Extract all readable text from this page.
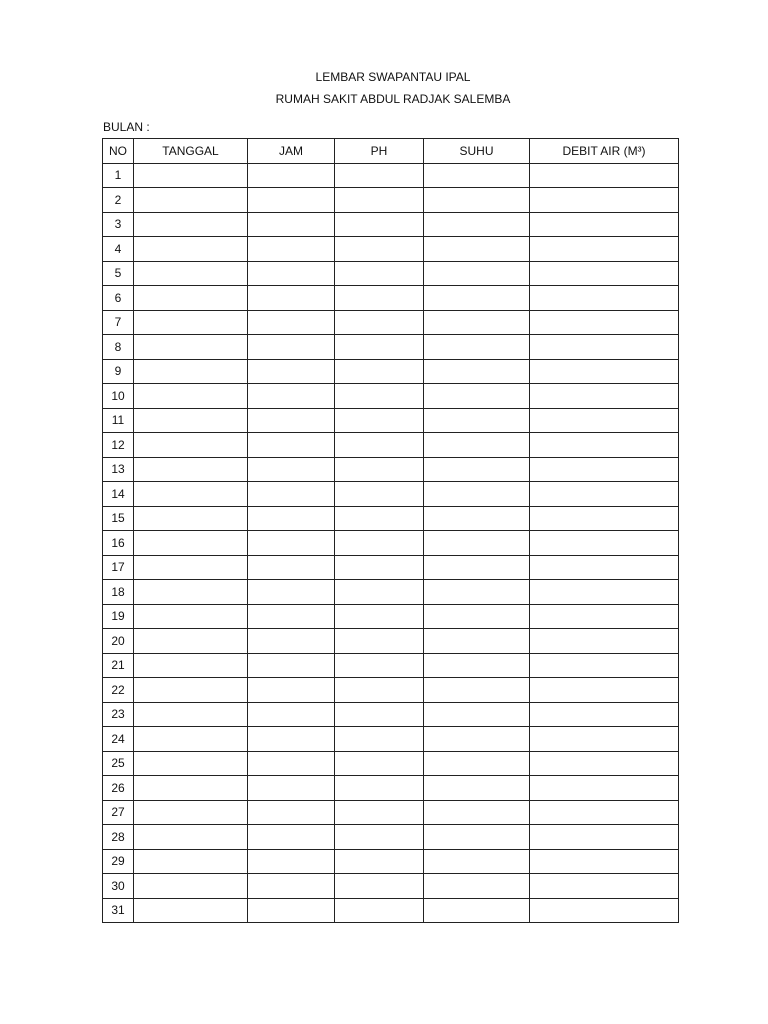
LEMBAR SWAPANTAU IPAL
RUMAH SAKIT ABDUL RADJAK SALEMBA
BULAN :
NO	TANGGAL	JAM	PH	SUHU	DEBIT AIR (M³)
1					
2					
3					
4					
5					
6					
7					
8					
9					
10					
11					
12					
13					
14					
15					
16					
17					
18					
19					
20					
21					
22					
23					
24					
25					
26					
27					
28					
29					
30					
31					
